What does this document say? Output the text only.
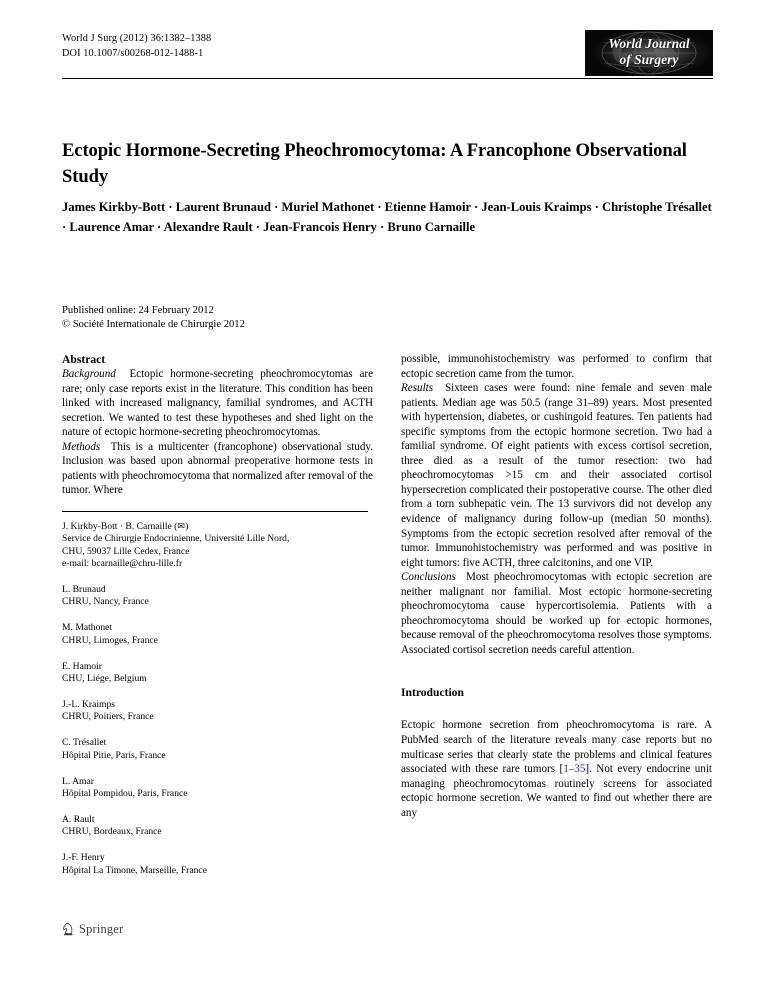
World J Surg (2012) 36:1382–1388
DOI 10.1007/s00268-012-1488-1
World Journal
of Surgery
Ectopic Hormone-Secreting Pheochromocytoma: A Francophone Observational Study
James Kirkby-Bott · Laurent Brunaud · Muriel Mathonet · Etienne Hamoir · Jean-Louis Kraimps · Christophe Trésallet · Laurence Amar · Alexandre Rault · Jean-Francois Henry · Bruno Carnaille
Published online: 24 February 2012
© Société Internationale de Chirurgie 2012
Abstract

Background Ectopic hormone-secreting pheochromocytomas are rare; only case reports exist in the literature. This condition has been linked with increased malignancy, familial syndromes, and ACTH secretion. We wanted to test these hypotheses and shed light on the nature of ectopic hormone-secreting pheochromocytomas.

Methods This is a multicenter (francophone) observational study. Inclusion was based upon abnormal preoperative hormone tests in patients with pheochromocytoma that normalized after removal of the tumor. Where

J. Kirkby-Bott · B. Carnaille (✉)
Service de Chirurgie Endocrinienne, Université Lille Nord,
CHU, 59037 Lille Cedex, France
e-mail: bcarnaille@chru-lille.fr
L. Brunaud
CHRU, Nancy, France
M. Mathonet
CHRU, Limoges, France
E. Hamoir
CHU, Liége, Belgium
J.-L. Kraimps
CHRU, Poitiers, France
C. Trésallet
Hôpital Pitie, Paris, France
L. Amar
Hôpital Pompidou, Paris, France
A. Rault
CHRU, Bordeaux, France
J.-F. Henry
Hôpital La Timone, Marseille, France

possible, immunohistochemistry was performed to confirm that ectopic secretion came from the tumor.

Results Sixteen cases were found: nine female and seven male patients. Median age was 50.5 (range 31–89) years. Most presented with hypertension, diabetes, or cushingoid features. Ten patients had specific symptoms from the ectopic hormone secretion. Two had a familial syndrome. Of eight patients with excess cortisol secretion, three died as a result of the tumor resection: two had pheochromocytomas >15 cm and their associated cortisol hypersecretion complicated their postoperative course. The other died from a torn subhepatic vein. The 13 survivors did not develop any evidence of malignancy during follow-up (median 50 months). Symptoms from the ectopic secretion resolved after removal of the tumor. Immunohistochemistry was performed and was positive in eight tumors: five ACTH, three calcitonins, and one VIP.

Conclusions Most pheochromocytomas with ectopic secretion are neither malignant nor familial. Most ectopic hormone-secreting pheochromocytoma cause hypercortisolemia. Patients with a pheochromocytoma should be worked up for ectopic hormones, because removal of the pheochromocytoma resolves those symptoms. Associated cortisol secretion needs careful attention.

Introduction

Ectopic hormone secretion from pheochromocytoma is rare. A PubMed search of the literature reveals many case reports but no multicase series that clearly state the problems and clinical features associated with these rare tumors [1–35]. Not every endocrine unit managing pheochromocytomas routinely screens for associated ectopic hormone secretion. We wanted to find out whether there are any

Springer
